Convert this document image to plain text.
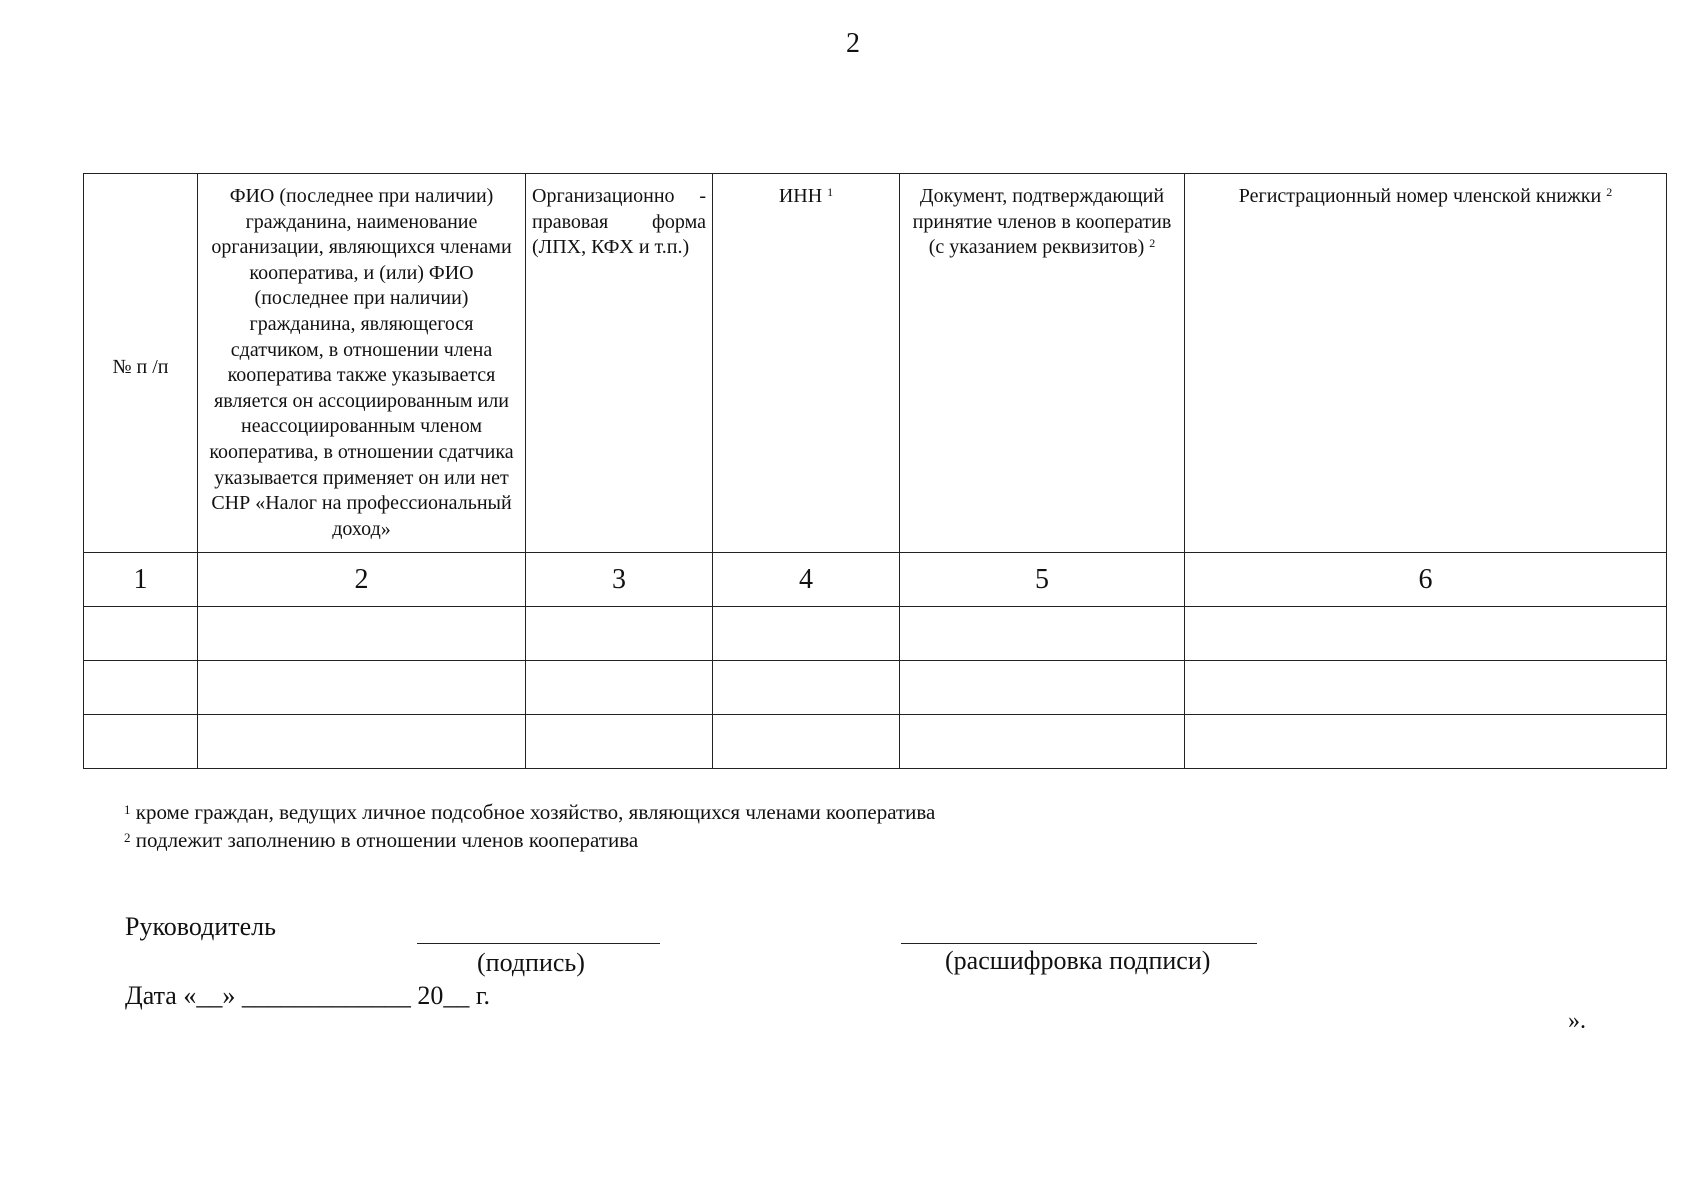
2
№ п /п	ФИО (последнее при наличии) гражданина, наименование организации, являющихся членами кооператива, и (или) ФИО (последнее при наличии) гражданина, являющегося сдатчиком, в отношении члена кооператива также указывается является он ассоциированным или неассоциированным членом кооператива, в отношении сдатчика указывается применяет он или нет СНР «Налог на профессиональный доход»	Организационно - правовая форма (ЛПХ, КФХ и т.п.)	ИНН $^1$	Документ, подтверждающий принятие членов в кооператив (с указанием реквизитов) $^2$	Регистрационный номер членской книжки $^2$

1	2	3	4	5	6

$^1$ кроме граждан, ведущих личное подсобное хозяйство, являющихся членами кооператива
$^2$ подлежит заполнению в отношении членов кооператива
Руководитель
(подпись)	(расшифровка подписи)
Дата «__» _____________ 20__ г.
».
